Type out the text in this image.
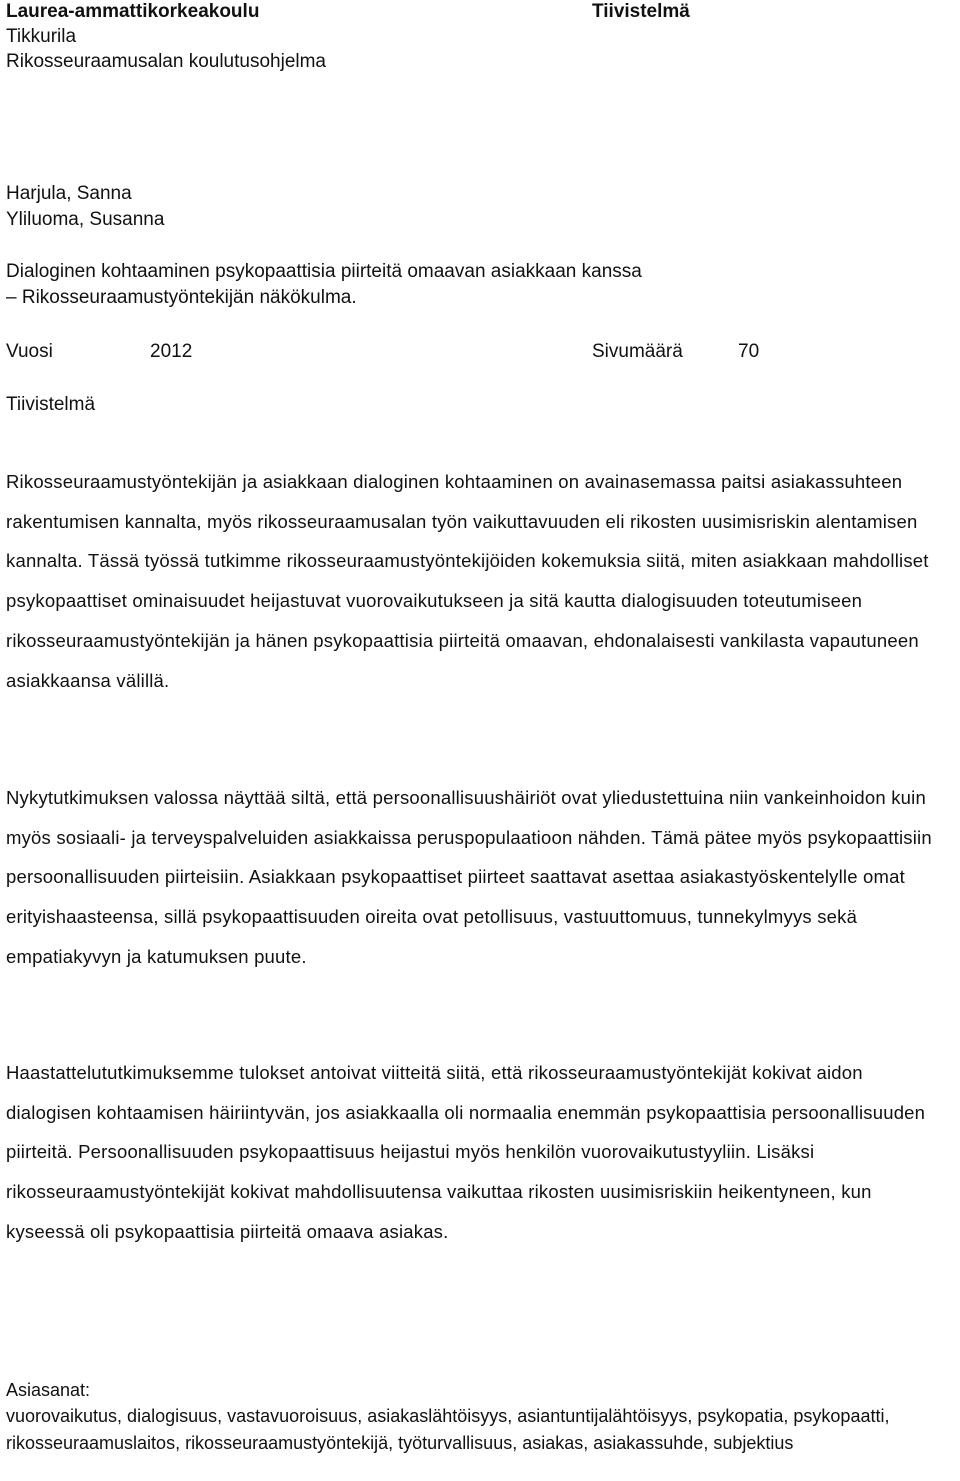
Laurea-ammattikorkeakoulu	Tiivistelmä
Tikkurila
Rikosseuraamusalan koulutusohjelma
Harjula, Sanna
Yliluoma, Susanna
Dialoginen kohtaaminen psykopaattisia piirteitä omaavan asiakkaan kanssa
– Rikosseuraamustyöntekijän näkökulma.
Vuosi	2012	Sivumäärä	70
Tiivistelmä

Rikosseuraamustyöntekijän ja asiakkaan dialoginen kohtaaminen on avainasemassa paitsi asiakassuhteen rakentumisen kannalta, myös rikosseuraamusalan työn vaikuttavuuden eli rikosten uusimisriskin alentamisen kannalta. Tässä työssä tutkimme rikosseuraamustyöntekijöiden kokemuksia siitä, miten asiakkaan mahdolliset psykopaattiset ominaisuudet heijastuvat vuorovaikutukseen ja sitä kautta dialogisuuden toteutumiseen rikosseuraamustyöntekijän ja hänen psykopaattisia piirteitä omaavan, ehdonalaisesti vankilasta vapautuneen asiakkaansa välillä.

Nykytutkimuksen valossa näyttää siltä, että persoonallisuushäiriöt ovat yliedustettuina niin vankeinhoidon kuin myös sosiaali- ja terveyspalveluiden asiakkaissa peruspopulaatioon nähden. Tämä pätee myös psykopaattisiin persoonallisuuden piirteisiin. Asiakkaan psykopaattiset piirteet saattavat asettaa asiakastyöskentelylle omat erityishaasteensa, sillä psykopaattisuuden oireita ovat petollisuus, vastuuttomuus, tunnekylmyys sekä empatiakyvyn ja katumuksen puute.

Haastattelututkimuksemme tulokset antoivat viitteitä siitä, että rikosseuraamustyöntekijät kokivat aidon dialogisen kohtaamisen häiriintyvän, jos asiakkaalla oli normaalia enemmän psykopaattisia persoonallisuuden piirteitä. Persoonallisuuden psykopaattisuus heijastui myös henkilön vuorovaikutustyyliin. Lisäksi rikosseuraamustyöntekijät kokivat mahdollisuutensa vaikuttaa rikosten uusimisriskiin heikentyneen, kun kyseessä oli psykopaattisia piirteitä omaava asiakas.

Asiasanat:

vuorovaikutus, dialogisuus, vastavuoroisuus, asiakaslähtöisyys, asiantuntijalähtöisyys, psykopatia, psykopaatti, rikosseuraamuslaitos, rikosseuraamustyöntekijä, työturvallisuus, asiakas, asiakassuhde, subjektius
